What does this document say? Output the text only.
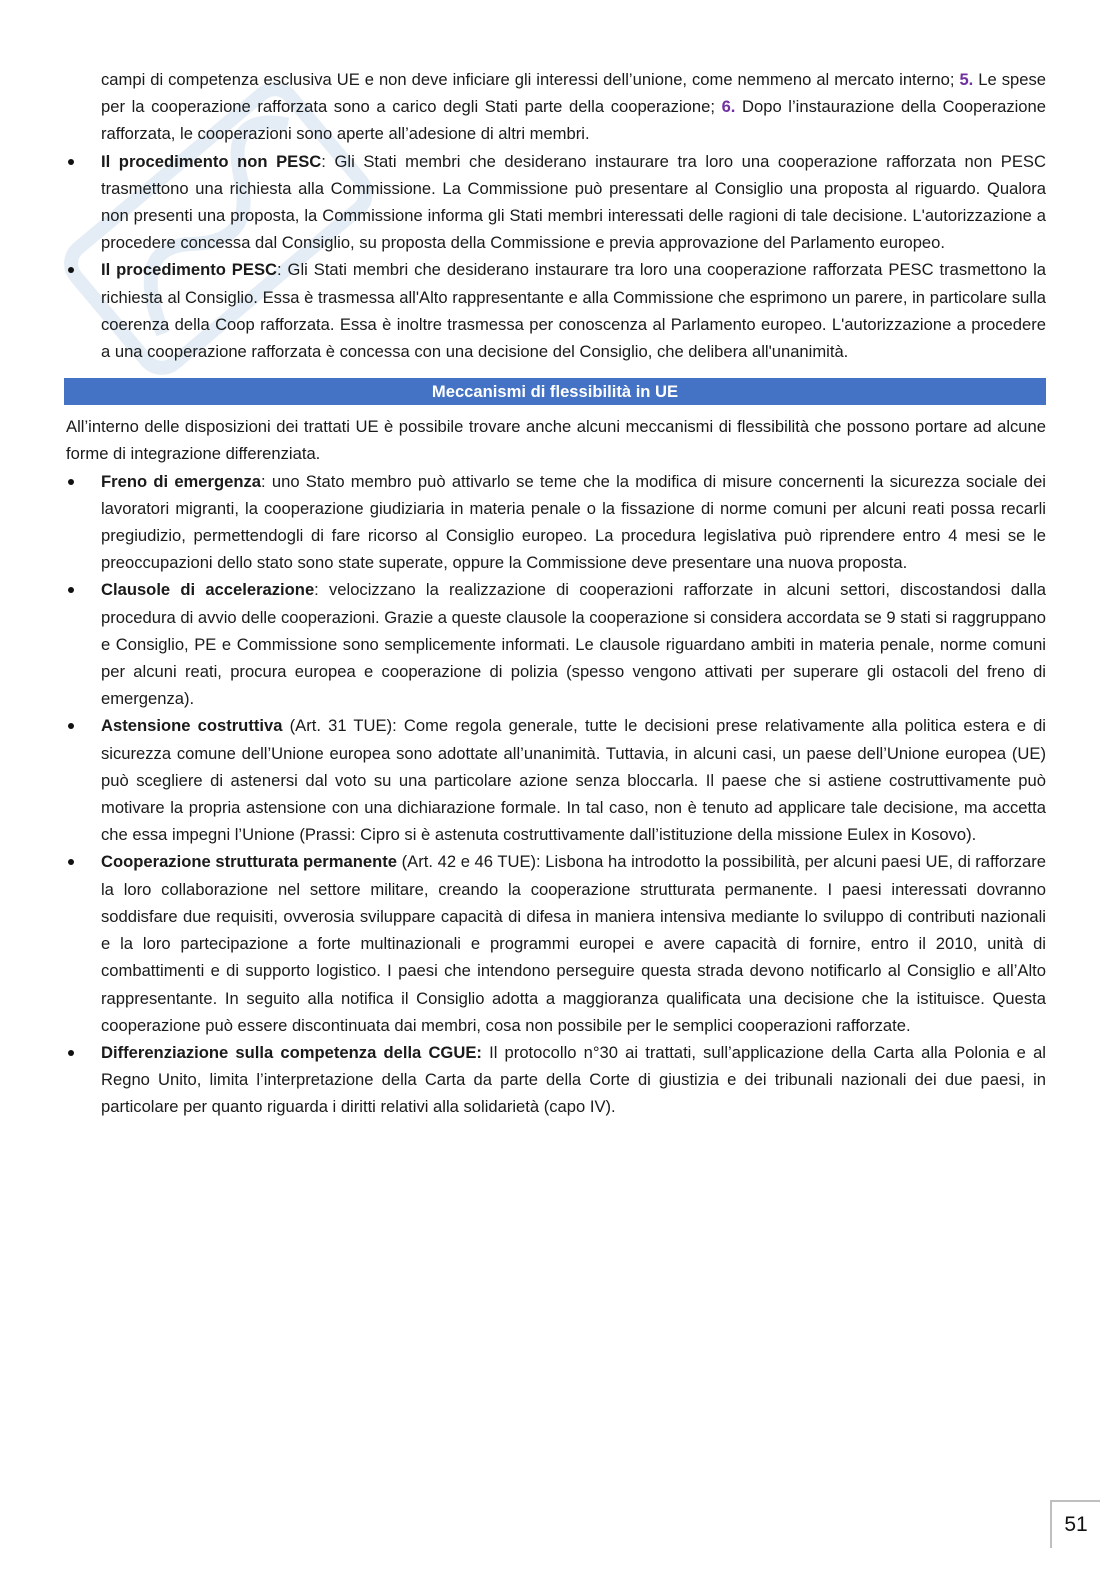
campi di competenza esclusiva UE e non deve inficiare gli interessi dell’unione, come nemmeno al mercato interno; 5. Le spese per la cooperazione rafforzata sono a carico degli Stati parte della cooperazione; 6. Dopo l’instaurazione della Cooperazione rafforzata, le cooperazioni sono aperte all’adesione di altri membri.

Il procedimento non PESC: Gli Stati membri che desiderano instaurare tra loro una cooperazione rafforzata non PESC trasmettono una richiesta alla Commissione. La Commissione può presentare al Consiglio una proposta al riguardo. Qualora non presenti una proposta, la Commissione informa gli Stati membri interessati delle ragioni di tale decisione. L'autorizzazione a procedere concessa dal Consiglio, su proposta della Commissione e previa approvazione del Parlamento europeo.
Il procedimento PESC: Gli Stati membri che desiderano instaurare tra loro una cooperazione rafforzata PESC trasmettono la richiesta al Consiglio. Essa è trasmessa all'Alto rappresentante e alla Commissione che esprimono un parere, in particolare sulla coerenza della Coop rafforzata. Essa è inoltre trasmessa per conoscenza al Parlamento europeo. L'autorizzazione a procedere a una cooperazione rafforzata è concessa con una decisione del Consiglio, che delibera all'unanimità.
Meccanismi di flessibilità in UE

All’interno delle disposizioni dei trattati UE è possibile trovare anche alcuni meccanismi di flessibilità che possono portare ad alcune forme di integrazione differenziata.

Freno di emergenza: uno Stato membro può attivarlo se teme che la modifica di misure concernenti la sicurezza sociale dei lavoratori migranti, la cooperazione giudiziaria in materia penale o la fissazione di norme comuni per alcuni reati possa recarli pregiudizio, permettendogli di fare ricorso al Consiglio europeo. La procedura legislativa può riprendere entro 4 mesi se le preoccupazioni dello stato sono state superate, oppure la Commissione deve presentare una nuova proposta.
Clausole di accelerazione: velocizzano la realizzazione di cooperazioni rafforzate in alcuni settori, discostandosi dalla procedura di avvio delle cooperazioni. Grazie a queste clausole la cooperazione si considera accordata se 9 stati si raggruppano e Consiglio, PE e Commissione sono semplicemente informati. Le clausole riguardano ambiti in materia penale, norme comuni per alcuni reati, procura europea e cooperazione di polizia (spesso vengono attivati per superare gli ostacoli del freno di emergenza).
Astensione costruttiva (Art. 31 TUE): Come regola generale, tutte le decisioni prese relativamente alla politica estera e di sicurezza comune dell’Unione europea sono adottate all’unanimità. Tuttavia, in alcuni casi, un paese dell’Unione europea (UE) può scegliere di astenersi dal voto su una particolare azione senza bloccarla. Il paese che si astiene costruttivamente può motivare la propria astensione con una dichiarazione formale. In tal caso, non è tenuto ad applicare tale decisione, ma accetta che essa impegni l’Unione (Prassi: Cipro si è astenuta costruttivamente dall’istituzione della missione Eulex in Kosovo).
Cooperazione strutturata permanente (Art. 42 e 46 TUE): Lisbona ha introdotto la possibilità, per alcuni paesi UE, di rafforzare la loro collaborazione nel settore militare, creando la cooperazione strutturata permanente. I paesi interessati dovranno soddisfare due requisiti, ovverosia sviluppare capacità di difesa in maniera intensiva mediante lo sviluppo di contributi nazionali e la loro partecipazione a forte multinazionali e programmi europei e avere capacità di fornire, entro il 2010, unità di combattimenti e di supporto logistico. I paesi che intendono perseguire questa strada devono notificarlo al Consiglio e all’Alto rappresentante. In seguito alla notifica il Consiglio adotta a maggioranza qualificata una decisione che la istituisce. Questa cooperazione può essere discontinuata dai membri, cosa non possibile per le semplici cooperazioni rafforzate.
Differenziazione sulla competenza della CGUE: Il protocollo n°30 ai trattati, sull’applicazione della Carta alla Polonia e al Regno Unito, limita l’interpretazione della Carta da parte della Corte di giustizia e dei tribunali nazionali dei due paesi, in particolare per quanto riguarda i diritti relativi alla solidarietà (capo IV).
51
